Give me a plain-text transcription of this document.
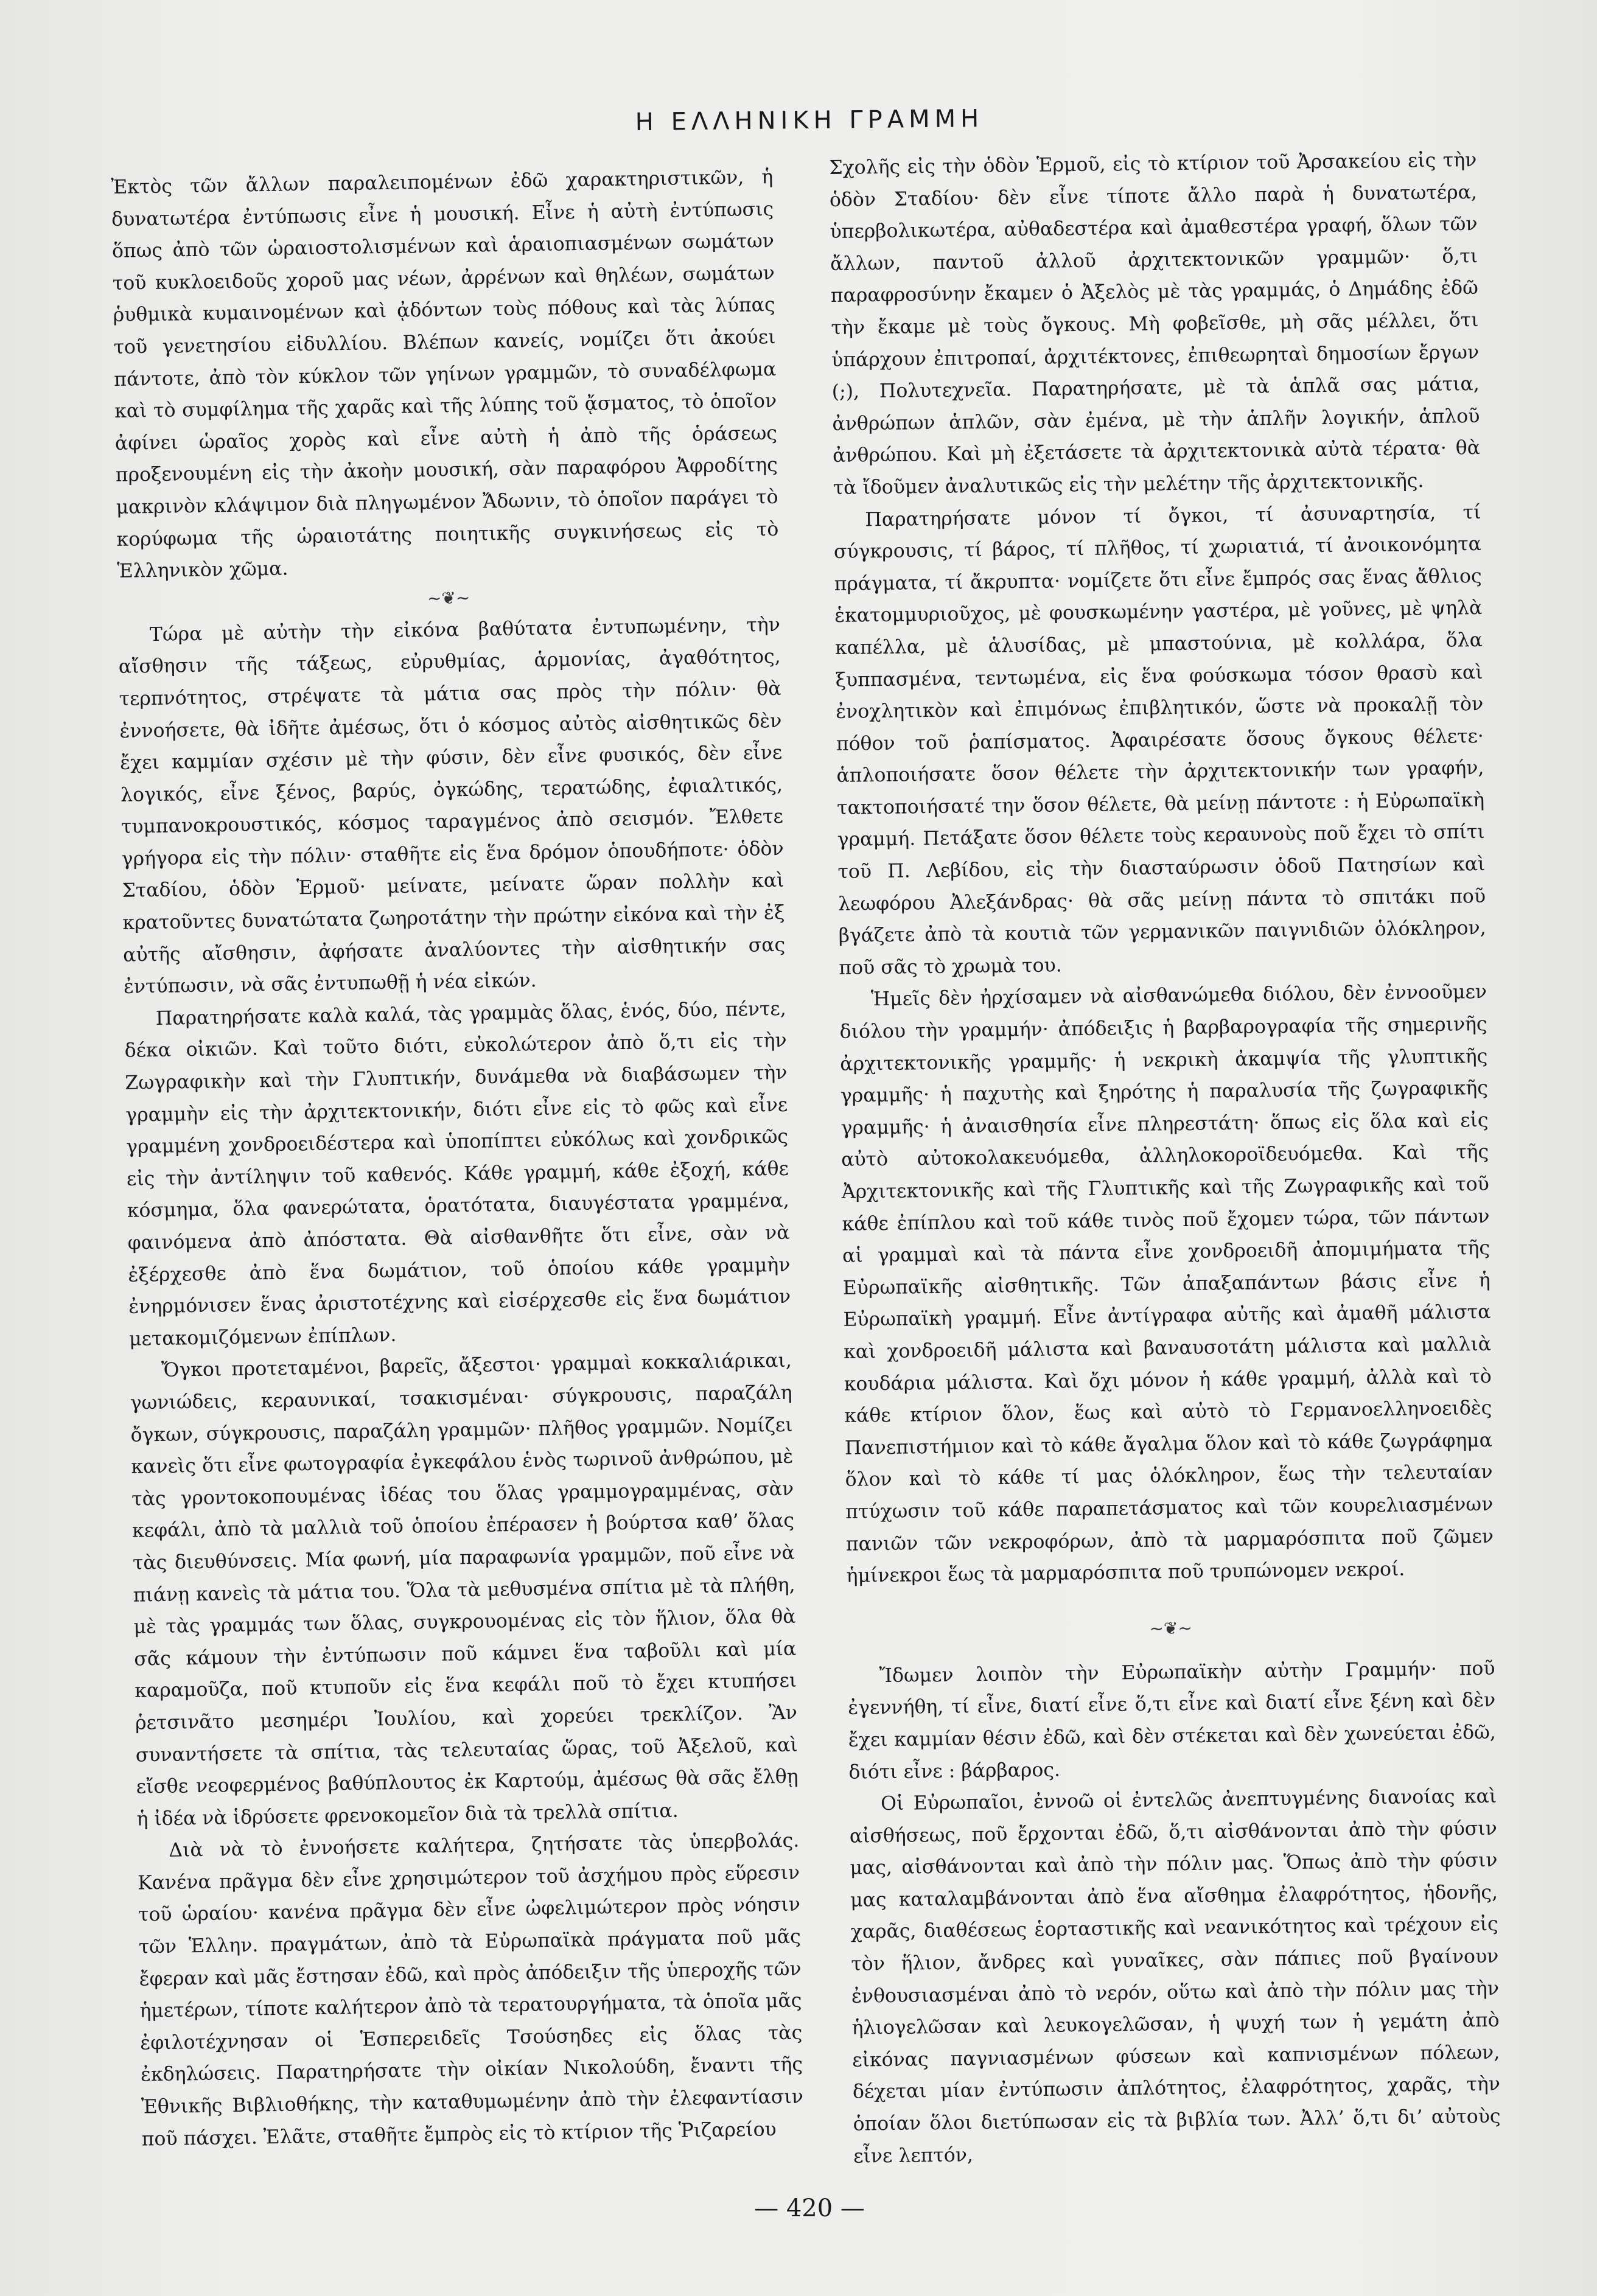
Η ΕΛΛΗΝΙΚΗ ΓΡΑΜΜΗ

Ἐκτὸς τῶν ἄλλων παραλειπομένων ἐδῶ χαρακτηριστικῶν, ἡ δυνατωτέρα ἐντύπωσις εἶνε ἡ μουσική. Εἶνε ἡ αὐτὴ ἐντύπωσις ὅπως ἀπὸ τῶν ὡραιοστολισμένων καὶ ἁραιοπιασμένων σωμάτων τοῦ κυκλοειδοῦς χοροῦ μας νέων, ἀρρένων καὶ θηλέων, σωμάτων ῥυθμικὰ κυμαινομένων καὶ ᾀδόντων τοὺς πόθους καὶ τὰς λύπας τοῦ γενετησίου εἰδυλλίου. Βλέπων κανείς, νομίζει ὅτι ἀκούει πάντοτε, ἀπὸ τὸν κύκλον τῶν γηίνων γραμμῶν, τὸ συναδέλφωμα καὶ τὸ συμφίλημα τῆς χαρᾶς καὶ τῆς λύπης τοῦ ᾄσματος, τὸ ὁποῖον ἀφίνει ὡραῖος χορὸς καὶ εἶνε αὐτὴ ἡ ἀπὸ τῆς ὁράσεως προξενουμένη εἰς τὴν ἀκοὴν μουσική, σὰν παραφόρου Ἀφροδίτης μακρινὸν κλάψιμον διὰ πληγωμένον Ἄδωνιν, τὸ ὁποῖον παράγει τὸ κορύφωμα τῆς ὡραιοτάτης ποιητικῆς συγκινήσεως εἰς τὸ Ἑλληνικὸν χῶμα.

~❦~

Τώρα μὲ αὐτὴν τὴν εἰκόνα βαθύτατα ἐντυπωμένην, τὴν αἴσθησιν τῆς τάξεως, εὐρυθμίας, ἁρμονίας, ἀγαθότητος, τερπνότητος, στρέψατε τὰ μάτια σας πρὸς τὴν πόλιν· θὰ ἐννοήσετε, θὰ ἰδῆτε ἀμέσως, ὅτι ὁ κόσμος αὐτὸς αἰσθητικῶς δὲν ἔχει καμμίαν σχέσιν μὲ τὴν φύσιν, δὲν εἶνε φυσικός, δὲν εἶνε λογικός, εἶνε ξένος, βαρύς, ὀγκώδης, τερατώδης, ἐφιαλτικός, τυμπανοκρουστικός, κόσμος ταραγμένος ἀπὸ σεισμόν. Ἔλθετε γρήγορα εἰς τὴν πόλιν· σταθῆτε εἰς ἕνα δρόμον ὁπουδήποτε· ὁδὸν Σταδίου, ὁδὸν Ἑρμοῦ· μείνατε, μείνατε ὥραν πολλὴν καὶ κρατοῦντες δυνατώτατα ζωηροτάτην τὴν πρώτην εἰκόνα καὶ τὴν ἐξ αὐτῆς αἴσθησιν, ἀφήσατε ἀναλύοντες τὴν αἰσθητικήν σας ἐντύπωσιν, νὰ σᾶς ἐντυπωθῇ ἡ νέα εἰκών.

Παρατηρήσατε καλὰ καλά, τὰς γραμμὰς ὅλας, ἑνός, δύο, πέντε, δέκα οἰκιῶν. Καὶ τοῦτο διότι, εὐκολώτερον ἀπὸ ὅ,τι εἰς τὴν Ζωγραφικὴν καὶ τὴν Γλυπτικήν, δυνάμεθα νὰ διαβάσωμεν τὴν γραμμὴν εἰς τὴν ἀρχιτεκτονικήν, διότι εἶνε εἰς τὸ φῶς καὶ εἶνε γραμμένη χονδροειδέστερα καὶ ὑποπίπτει εὐκόλως καὶ χονδρικῶς εἰς τὴν ἀντίληψιν τοῦ καθενός. Κάθε γραμμή, κάθε ἐξοχή, κάθε κόσμημα, ὅλα φανερώτατα, ὁρατότατα, διαυγέστατα γραμμένα, φαινόμενα ἀπὸ ἀπόστατα. Θὰ αἰσθανθῆτε ὅτι εἶνε, σὰν νὰ ἐξέρχεσθε ἀπὸ ἕνα δωμάτιον, τοῦ ὁποίου κάθε γραμμὴν ἐνηρμόνισεν ἕνας ἀριστοτέχνης καὶ εἰσέρχεσθε εἰς ἕνα δωμάτιον μετακομιζόμενων ἐπίπλων.

Ὄγκοι προτεταμένοι, βαρεῖς, ἄξεστοι· γραμμαὶ κοκκαλιάρικαι, γωνιώδεις, κεραυνικαί, τσακισμέναι· σύγκρουσις, παραζάλη ὄγκων, σύγκρουσις, παραζάλη γραμμῶν· πλῆθος γραμμῶν. Νομίζει κανεὶς ὅτι εἶνε φωτογραφία ἐγκεφάλου ἑνὸς τωρινοῦ ἀνθρώπου, μὲ τὰς γροντοκοπουμένας ἰδέας του ὅλας γραμμογραμμένας, σὰν κεφάλι, ἀπὸ τὰ μαλλιὰ τοῦ ὁποίου ἐπέρασεν ἡ βούρτσα καθ’ ὅλας τὰς διευθύνσεις. Μία φωνή, μία παραφωνία γραμμῶν, ποῦ εἶνε νὰ πιάνῃ κανεὶς τὰ μάτια του. Ὅλα τὰ μεθυσμένα σπίτια μὲ τὰ πλήθη, μὲ τὰς γραμμάς των ὅλας, συγκρουομένας εἰς τὸν ἥλιον, ὅλα θὰ σᾶς κάμουν τὴν ἐντύπωσιν ποῦ κάμνει ἕνα ταβοῦλι καὶ μία καραμοῦζα, ποῦ κτυποῦν εἰς ἕνα κεφάλι ποῦ τὸ ἔχει κτυπήσει ῥετσινᾶτο μεσημέρι Ἰουλίου, καὶ χορεύει τρεκλίζον. Ἂν συναντήσετε τὰ σπίτια, τὰς τελευταίας ὥρας, τοῦ Ἀξελοῦ, καὶ εἴσθε νεοφερμένος βαθύπλουτος ἐκ Καρτούμ, ἀμέσως θὰ σᾶς ἔλθῃ ἡ ἰδέα νὰ ἱδρύσετε φρενοκομεῖον διὰ τὰ τρελλὰ σπίτια.

Διὰ νὰ τὸ ἐννοήσετε καλήτερα, ζητήσατε τὰς ὑπερβολάς. Κανένα πρᾶγμα δὲν εἶνε χρησιμώτερον τοῦ ἀσχήμου πρὸς εὕρεσιν τοῦ ὡραίου· κανένα πρᾶγμα δὲν εἶνε ὠφελιμώτερον πρὸς νόησιν τῶν Ἑλλην. πραγμάτων, ἀπὸ τὰ Εὐρωπαϊκὰ πράγματα ποῦ μᾶς ἔφεραν καὶ μᾶς ἔστησαν ἐδῶ, καὶ πρὸς ἀπόδειξιν τῆς ὑπεροχῆς τῶν ἡμετέρων, τίποτε καλήτερον ἀπὸ τὰ τερατουργήματα, τὰ ὁποῖα μᾶς ἐφιλοτέχνησαν οἱ Ἑσπερειδεῖς Τσούσηδες εἰς ὅλας τὰς ἐκδηλώσεις. Παρατηρήσατε τὴν οἰκίαν Νικολούδη, ἔναντι τῆς Ἐθνικῆς Βιβλιοθήκης, τὴν καταθυμωμένην ἀπὸ τὴν ἐλεφαντίασιν ποῦ πάσχει. Ἐλᾶτε, σταθῆτε ἔμπρὸς εἰς τὸ κτίριον τῆς Ῥιζαρείου

Σχολῆς εἰς τὴν ὁδὸν Ἑρμοῦ, εἰς τὸ κτίριον τοῦ Ἀρσακείου εἰς τὴν ὁδὸν Σταδίου· δὲν εἶνε τίποτε ἄλλο παρὰ ἡ δυνατωτέρα, ὑπερβολικωτέρα, αὐθαδεστέρα καὶ ἀμαθεστέρα γραφή, ὅλων τῶν ἄλλων, παντοῦ ἀλλοῦ ἀρχιτεκτονικῶν γραμμῶν· ὅ,τι παραφροσύνην ἔκαμεν ὁ Ἀξελὸς μὲ τὰς γραμμάς, ὁ Δημάδης ἐδῶ τὴν ἔκαμε μὲ τοὺς ὄγκους. Μὴ φοβεῖσθε, μὴ σᾶς μέλλει, ὅτι ὑπάρχουν ἐπιτροπαί, ἀρχιτέκτονες, ἐπιθεωρηταὶ δημοσίων ἔργων (;), Πολυτεχνεῖα. Παρατηρήσατε, μὲ τὰ ἁπλᾶ σας μάτια, ἀνθρώπων ἁπλῶν, σὰν ἐμένα, μὲ τὴν ἁπλῆν λογικήν, ἁπλοῦ ἀνθρώπου. Καὶ μὴ ἐξετάσετε τὰ ἀρχιτεκτονικὰ αὐτὰ τέρατα· θὰ τὰ ἴδοῦμεν ἀναλυτικῶς εἰς τὴν μελέτην τῆς ἀρχιτεκτονικῆς.

Παρατηρήσατε μόνον τί ὄγκοι, τί ἀσυναρτησία, τί σύγκρουσις, τί βάρος, τί πλῆθος, τί χωριατιά, τί ἀνοικονόμητα πράγματα, τί ἄκρυπτα· νομίζετε ὅτι εἶνε ἔμπρός σας ἕνας ἄθλιος ἑκατομμυριοῦχος, μὲ φουσκωμένην γαστέρα, μὲ γοῦνες, μὲ ψηλὰ καπέλλα, μὲ ἁλυσίδας, μὲ μπαστούνια, μὲ κολλάρα, ὅλα ξυππασμένα, τεντωμένα, εἰς ἕνα φούσκωμα τόσον θρασὺ καὶ ἐνοχλητικὸν καὶ ἐπιμόνως ἐπιβλητικόν, ὥστε νὰ προκαλῇ τὸν πόθον τοῦ ῥαπίσματος. Ἀφαιρέσατε ὅσους ὄγκους θέλετε· ἁπλοποιήσατε ὅσον θέλετε τὴν ἀρχιτεκτονικήν των γραφήν, τακτοποιήσατέ την ὅσον θέλετε, θὰ μείνῃ πάντοτε : ἡ Εὐρωπαϊκὴ γραμμή. Πετάξατε ὅσον θέλετε τοὺς κεραυνοὺς ποῦ ἔχει τὸ σπίτι τοῦ Π. Λεβίδου, εἰς τὴν διασταύρωσιν ὁδοῦ Πατησίων καὶ λεωφόρου Ἀλεξάνδρας· θὰ σᾶς μείνῃ πάντα τὸ σπιτάκι ποῦ βγάζετε ἀπὸ τὰ κουτιὰ τῶν γερμανικῶν παιγνιδιῶν ὁλόκληρον, ποῦ σᾶς τὸ χρωμὰ του.

Ἡμεῖς δὲν ἠρχίσαμεν νὰ αἰσθανώμεθα διόλου, δὲν ἐννοοῦμεν διόλου τὴν γραμμήν· ἀπόδειξις ἡ βαρβαρογραφία τῆς σημερινῆς ἀρχιτεκτονικῆς γραμμῆς· ἡ νεκρικὴ ἀκαμψία τῆς γλυπτικῆς γραμμῆς· ἡ παχυτὴς καὶ ξηρότης ἡ παραλυσία τῆς ζωγραφικῆς γραμμῆς· ἡ ἀναισθησία εἶνε πληρεστάτη· ὅπως εἰς ὅλα καὶ εἰς αὐτὸ αὐτοκολακευόμεθα, ἀλληλοκοροϊδευόμεθα. Καὶ τῆς Ἀρχιτεκτονικῆς καὶ τῆς Γλυπτικῆς καὶ τῆς Ζωγραφικῆς καὶ τοῦ κάθε ἐπίπλου καὶ τοῦ κάθε τινὸς ποῦ ἔχομεν τώρα, τῶν πάντων αἱ γραμμαὶ καὶ τὰ πάντα εἶνε χονδροειδῆ ἀπομιμήματα τῆς Εὐρωπαϊκῆς αἰσθητικῆς. Τῶν ἀπαξαπάντων βάσις εἶνε ἡ Εὐρωπαϊκὴ γραμμή. Εἶνε ἀντίγραφα αὐτῆς καὶ ἀμαθῆ μάλιστα καὶ χονδροειδῆ μάλιστα καὶ βαναυσοτάτη μάλιστα καὶ μαλλιὰ κουδάρια μάλιστα. Καὶ ὄχι μόνον ἡ κάθε γραμμή, ἀλλὰ καὶ τὸ κάθε κτίριον ὅλον, ἕως καὶ αὐτὸ τὸ Γερμανοελληνοειδὲς Πανεπιστήμιον καὶ τὸ κάθε ἄγαλμα ὅλον καὶ τὸ κάθε ζωγράφημα ὅλον καὶ τὸ κάθε τί μας ὁλόκληρον, ἕως τὴν τελευταίαν πτύχωσιν τοῦ κάθε παραπετάσματος καὶ τῶν κουρελιασμένων πανιῶν τῶν νεκροφόρων, ἀπὸ τὰ μαρμαρόσπιτα ποῦ ζῶμεν ἡμίνεκροι ἕως τὰ μαρμαρόσπιτα ποῦ τρυπώνομεν νεκροί.

~❦~

Ἴδωμεν λοιπὸν τὴν Εὐρωπαϊκὴν αὐτὴν Γραμμήν· ποῦ ἐγεννήθη, τί εἶνε, διατί εἶνε ὅ,τι εἶνε καὶ διατί εἶνε ξένη καὶ δὲν ἔχει καμμίαν θέσιν ἐδῶ, καὶ δὲν στέκεται καὶ δὲν χωνεύεται ἐδῶ, διότι εἶνε : βάρβαρος.

Οἱ Εὐρωπαῖοι, ἐννοῶ οἱ ἐντελῶς ἀνεπτυγμένης διανοίας καὶ αἰσθήσεως, ποῦ ἔρχονται ἐδῶ, ὅ,τι αἰσθάνονται ἀπὸ τὴν φύσιν μας, αἰσθάνονται καὶ ἀπὸ τὴν πόλιν μας. Ὅπως ἀπὸ τὴν φύσιν μας καταλαμβάνονται ἀπὸ ἕνα αἴσθημα ἐλαφρότητος, ἡδονῆς, χαρᾶς, διαθέσεως ἑορταστικῆς καὶ νεανικότητος καὶ τρέχουν εἰς τὸν ἥλιον, ἄνδρες καὶ γυναῖκες, σὰν πάπιες ποῦ βγαίνουν ἐνθουσιασμέναι ἀπὸ τὸ νερόν, οὕτω καὶ ἀπὸ τὴν πόλιν μας τὴν ἡλιογελῶσαν καὶ λευκογελῶσαν, ἡ ψυχή των ἡ γεμάτη ἀπὸ εἰκόνας παγνιασμένων φύσεων καὶ καπνισμένων πόλεων, δέχεται μίαν ἐντύπωσιν ἀπλότητος, ἐλαφρότητος, χαρᾶς, τὴν ὁποίαν ὅλοι διετύπωσαν εἰς τὰ βιβλία των. Ἀλλ’ ὅ,τι δι’ αὐτοὺς εἶνε λεπτόν,

— 420 —
